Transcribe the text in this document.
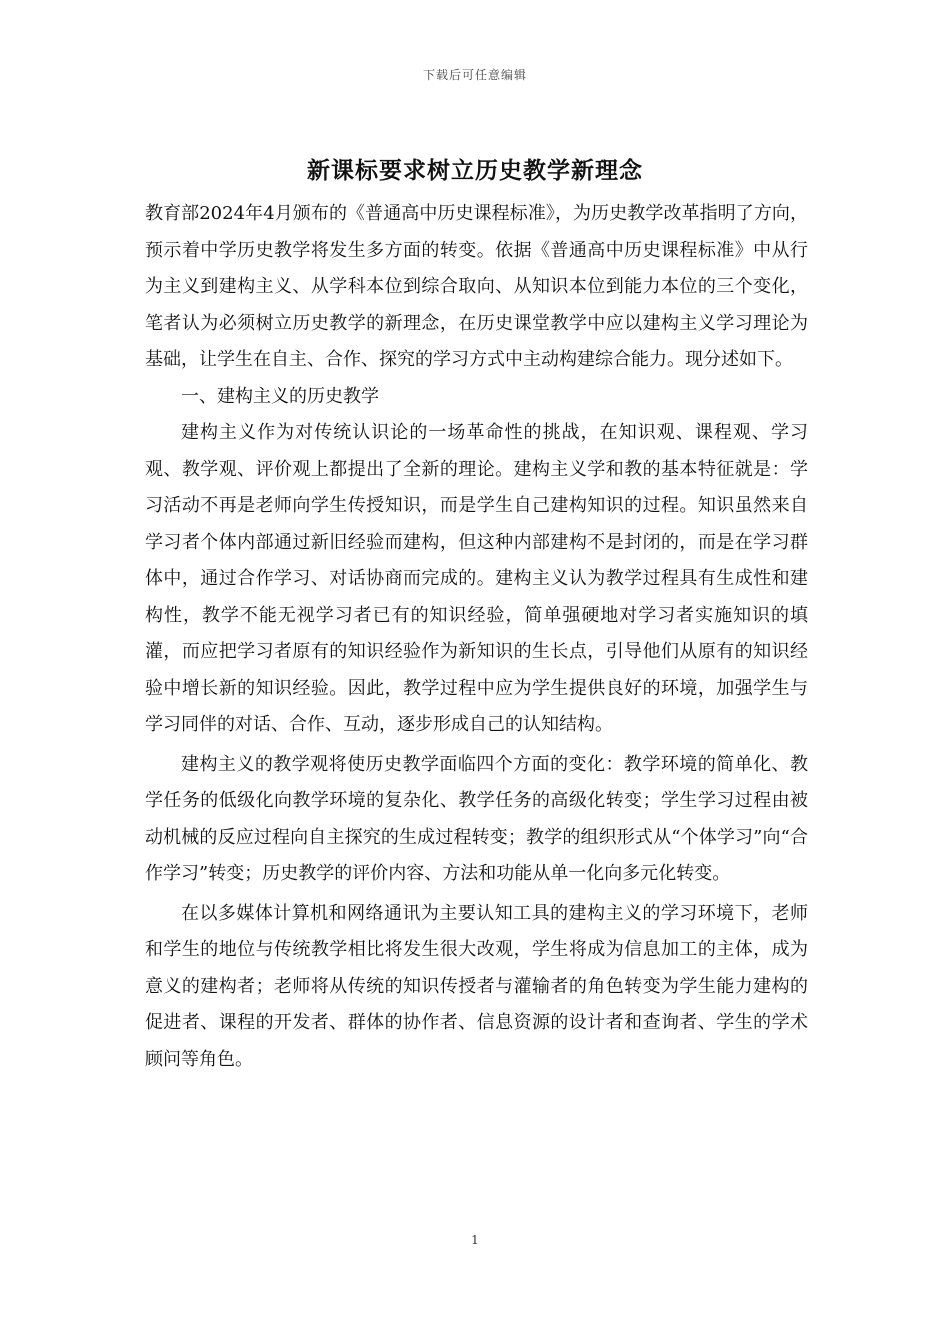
下载后可任意编辑
新课标要求树立历史教学新理念

教育部2024年4月颁布的《普通高中历史课程标准》，为历史教学改革指明了方向，预示着中学历史教学将发生多方面的转变。依据《普通高中历史课程标准》中从行为主义到建构主义、从学科本位到综合取向、从知识本位到能力本位的三个变化，笔者认为必须树立历史教学的新理念，在历史课堂教学中应以建构主义学习理论为基础，让学生在自主、合作、探究的学习方式中主动构建综合能力。现分述如下。

一、建构主义的历史教学

建构主义作为对传统认识论的一场革命性的挑战，在知识观、课程观、学习观、教学观、评价观上都提出了全新的理论。建构主义学和教的基本特征就是：学习活动不再是老师向学生传授知识，而是学生自己建构知识的过程。知识虽然来自学习者个体内部通过新旧经验而建构，但这种内部建构不是封闭的，而是在学习群体中，通过合作学习、对话协商而完成的。建构主义认为教学过程具有生成性和建构性，教学不能无视学习者已有的知识经验，简单强硬地对学习者实施知识的填灌，而应把学习者原有的知识经验作为新知识的生长点，引导他们从原有的知识经验中增长新的知识经验。因此，教学过程中应为学生提供良好的环境，加强学生与学习同伴的对话、合作、互动，逐步形成自己的认知结构。

建构主义的教学观将使历史教学面临四个方面的变化：教学环境的简单化、教学任务的低级化向教学环境的复杂化、教学任务的高级化转变；学生学习过程由被动机械的反应过程向自主探究的生成过程转变；教学的组织形式从“个体学习”向“合作学习”转变；历史教学的评价内容、方法和功能从单一化向多元化转变。

在以多媒体计算机和网络通讯为主要认知工具的建构主义的学习环境下，老师和学生的地位与传统教学相比将发生很大改观，学生将成为信息加工的主体，成为意义的建构者；老师将从传统的知识传授者与灌输者的角色转变为学生能力建构的促进者、课程的开发者、群体的协作者、信息资源的设计者和查询者、学生的学术顾问等角色。

1
